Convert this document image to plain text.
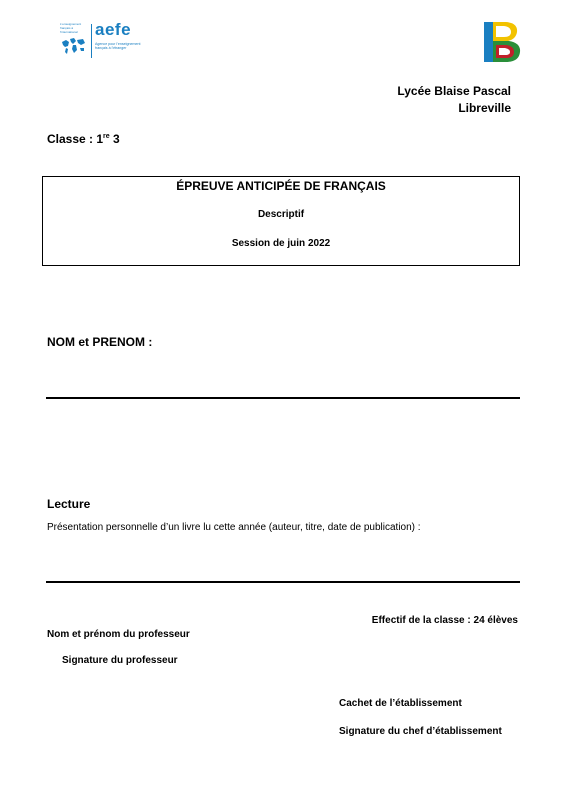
L'enseignement français à l'international	aefe
Agence pour l'enseignement français à l'étranger
Lycée Blaise Pascal
Libreville
Classe : 1re 3
ÉPREUVE ANTICIPÉE DE FRANÇAIS
Descriptif
Session de juin 2022
NOM et PRENOM :
Lecture
Présentation personnelle d’un livre lu cette année (auteur, titre, date de publication) :
Effectif de la classe : 24 élèves
Nom et prénom du professeur
Signature du professeur
Cachet de l’établissement
Signature du chef d’établissement
